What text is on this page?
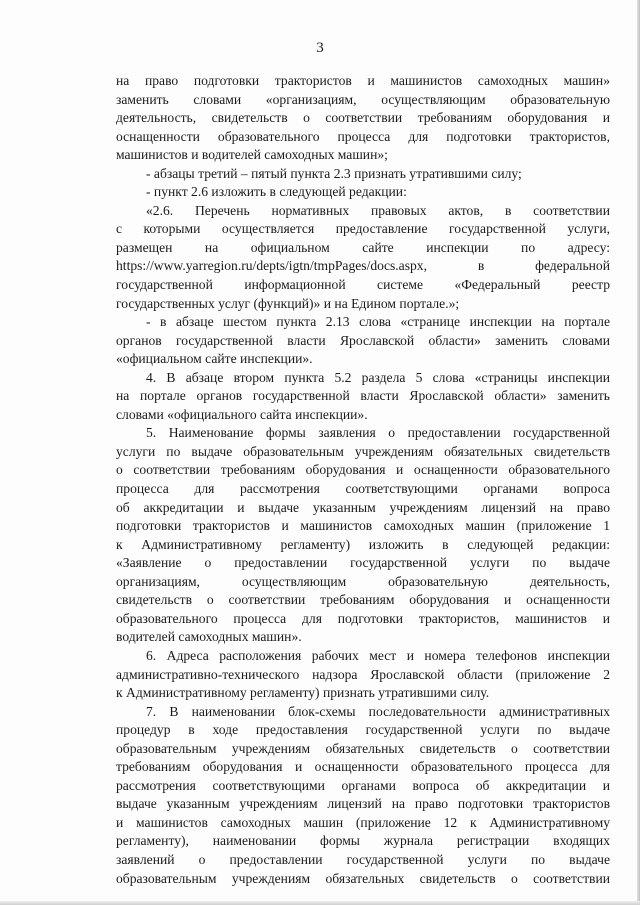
3
на право подготовки трактористов и машинистов самоходных машин»
заменить словами «организациям, осуществляющим образовательную
деятельность, свидетельств о соответствии требованиям оборудования и
оснащенности образовательного процесса для подготовки трактористов,
машинистов и водителей самоходных машин»;
- абзацы третий – пятый пункта 2.3 признать утратившими силу;
- пункт 2.6 изложить в следующей редакции:
«2.6. Перечень нормативных правовых актов, в соответствии
с которыми осуществляется предоставление государственной услуги,
размещен на официальном сайте инспекции по адресу:
https://www.yarregion.ru/depts/igtn/tmpPages/docs.aspx, в федеральной
государственной информационной системе «Федеральный реестр
государственных услуг (функций)» и на Едином портале.»;
- в абзаце шестом пункта 2.13 слова «странице инспекции на портале
органов государственной власти Ярославской области» заменить словами
«официальном сайте инспекции».
4. В абзаце втором пункта 5.2 раздела 5 слова «страницы инспекции
на портале органов государственной власти Ярославской области» заменить
словами «официального сайта инспекции».
5. Наименование формы заявления о предоставлении государственной
услуги по выдаче образовательным учреждениям обязательных свидетельств
о соответствии требованиям оборудования и оснащенности образовательного
процесса для рассмотрения соответствующими органами вопроса
об аккредитации и выдаче указанным учреждениям лицензий на право
подготовки трактористов и машинистов самоходных машин (приложение 1
к Административному регламенту) изложить в следующей редакции:
«Заявление о предоставлении государственной услуги по выдаче
организациям, осуществляющим образовательную деятельность,
свидетельств о соответствии требованиям оборудования и оснащенности
образовательного процесса для подготовки трактористов, машинистов и
водителей самоходных машин».
6. Адреса расположения рабочих мест и номера телефонов инспекции
административно-технического надзора Ярославской области (приложение 2
к Административному регламенту) признать утратившими силу.
7. В наименовании блок-схемы последовательности административных
процедур в ходе предоставления государственной услуги по выдаче
образовательным учреждениям обязательных свидетельств о соответствии
требованиям оборудования и оснащенности образовательного процесса для
рассмотрения соответствующими органами вопроса об аккредитации и
выдаче указанным учреждениям лицензий на право подготовки трактористов
и машинистов самоходных машин (приложение 12 к Административному
регламенту), наименовании формы журнала регистрации входящих
заявлений о предоставлении государственной услуги по выдаче
образовательным учреждениям обязательных свидетельств о соответствии
